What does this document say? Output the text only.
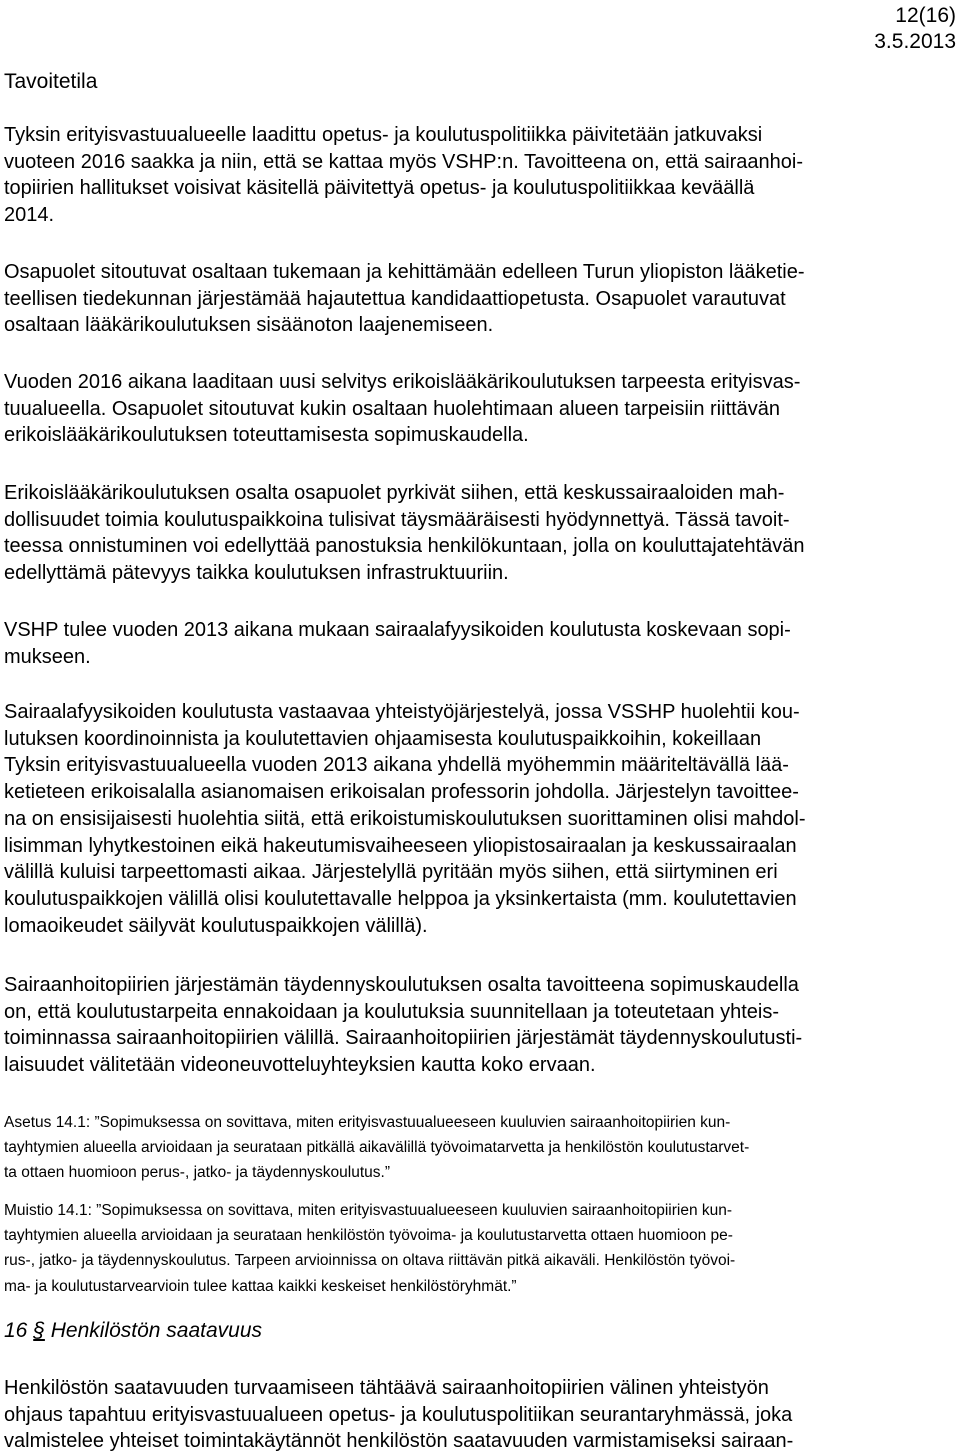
12(16)
3.5.2013
Tavoitetila

Tyksin erityisvastuualueelle laadittu opetus- ja koulutuspolitiikka päivitetään jatkuvaksi
vuoteen 2016 saakka ja niin, että se kattaa myös VSHP:n. Tavoitteena on, että sairaanhoi-
topiirien hallitukset voisivat käsitellä päivitettyä opetus- ja koulutuspolitiikkaa keväällä
2014.

Osapuolet sitoutuvat osaltaan tukemaan ja kehittämään edelleen Turun yliopiston lääketie-
teellisen tiedekunnan järjestämää hajautettua kandidaattiopetusta. Osapuolet varautuvat
osaltaan lääkärikoulutuksen sisäänoton laajenemiseen.

Vuoden 2016 aikana laaditaan uusi selvitys erikoislääkärikoulutuksen tarpeesta erityisvas-
tuualueella. Osapuolet sitoutuvat kukin osaltaan huolehtimaan alueen tarpeisiin riittävän
erikoislääkärikoulutuksen toteuttamisesta sopimuskaudella.

Erikoislääkärikoulutuksen osalta osapuolet pyrkivät siihen, että keskussairaaloiden mah-
dollisuudet toimia koulutuspaikkoina tulisivat täysmääräisesti hyödynnettyä. Tässä tavoit-
teessa onnistuminen voi edellyttää panostuksia henkilökuntaan, jolla on kouluttajatehtävän
edellyttämä pätevyys taikka koulutuksen infrastruktuuriin.

VSHP tulee vuoden 2013 aikana mukaan sairaalafyysikoiden koulutusta koskevaan sopi-
mukseen.

Sairaalafyysikoiden koulutusta vastaavaa yhteistyöjärjestelyä, jossa VSSHP huolehtii kou-
lutuksen koordinoinnista ja koulutettavien ohjaamisesta koulutuspaikkoihin, kokeillaan
Tyksin erityisvastuualueella vuoden 2013 aikana yhdellä myöhemmin määriteltävällä lää-
ketieteen erikoisalalla asianomaisen erikoisalan professorin johdolla. Järjestelyn tavoittee-
na on ensisijaisesti huolehtia siitä, että erikoistumiskoulutuksen suorittaminen olisi mahdol-
lisimman lyhytkestoinen eikä hakeutumisvaiheeseen yliopistosairaalan ja keskussairaalan
välillä kuluisi tarpeettomasti aikaa. Järjestelyllä pyritään myös siihen, että siirtyminen eri
koulutuspaikkojen välillä olisi koulutettavalle helppoa ja yksinkertaista (mm. koulutettavien
lomaoikeudet säilyvät koulutuspaikkojen välillä).

Sairaanhoitopiirien järjestämän täydennyskoulutuksen osalta tavoitteena sopimuskaudella
on, että koulutustarpeita ennakoidaan ja koulutuksia suunnitellaan ja toteutetaan yhteis-
toiminnassa sairaanhoitopiirien välillä. Sairaanhoitopiirien järjestämät täydennyskoulutusti-
laisuudet välitetään videoneuvotteluyhteyksien kautta koko ervaan.

Asetus 14.1: ”Sopimuksessa on sovittava, miten erityisvastuualueeseen kuuluvien sairaanhoitopiirien kun-
tayhtymien alueella arvioidaan ja seurataan pitkällä aikavälillä työvoimatarvetta ja henkilöstön koulutustarvet-
ta ottaen huomioon perus-, jatko- ja täydennyskoulutus.”

Muistio 14.1: ”Sopimuksessa on sovittava, miten erityisvastuualueeseen kuuluvien sairaanhoitopiirien kun-
tayhtymien alueella arvioidaan ja seurataan henkilöstön työvoima- ja koulutustarvetta ottaen huomioon pe-
rus-, jatko- ja täydennyskoulutus. Tarpeen arvioinnissa on oltava riittävän pitkä aikaväli. Henkilöstön työvoi-
ma- ja koulutustarvearvioin tulee kattaa kaikki keskeiset henkilöstöryhmät.”

16 § Henkilöstön saatavuus

Henkilöstön saatavuuden turvaamiseen tähtäävä sairaanhoitopiirien välinen yhteistyön
ohjaus tapahtuu erityisvastuualueen opetus- ja koulutuspolitiikan seurantaryhmässä, joka
valmistelee yhteiset toimintakäytännöt henkilöstön saatavuuden varmistamiseksi sairaan-
